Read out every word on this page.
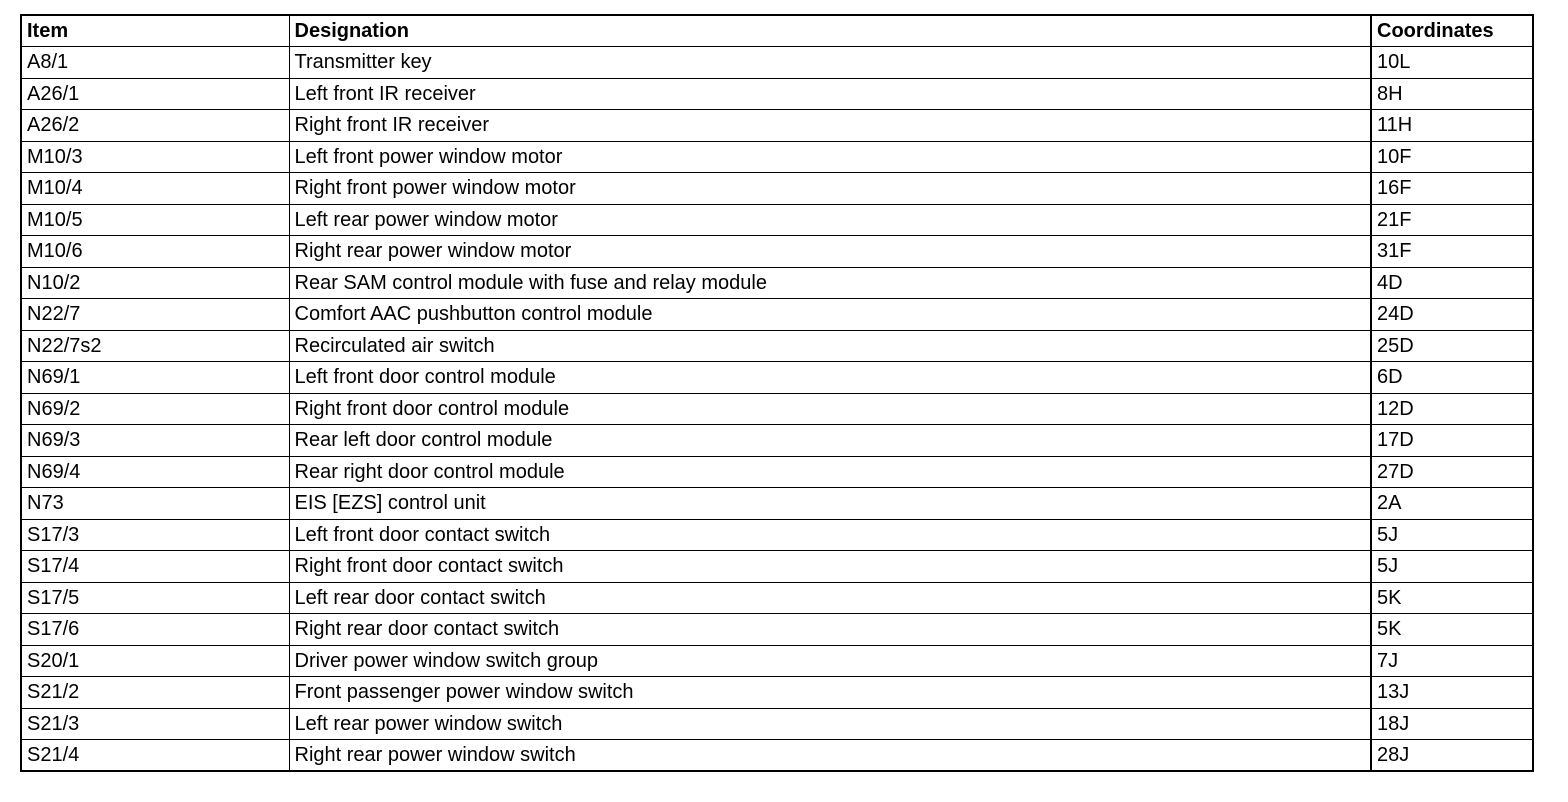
Item	Designation	Coordinates
A8/1	Transmitter key	10L
A26/1	Left front IR receiver	8H
A26/2	Right front IR receiver	11H
M10/3	Left front power window motor	10F
M10/4	Right front power window motor	16F
M10/5	Left rear power window motor	21F
M10/6	Right rear power window motor	31F
N10/2	Rear SAM control module with fuse and relay module	4D
N22/7	Comfort AAC pushbutton control module	24D
N22/7s2	Recirculated air switch	25D
N69/1	Left front door control module	6D
N69/2	Right front door control module	12D
N69/3	Rear left door control module	17D
N69/4	Rear right door control module	27D
N73	EIS [EZS] control unit	2A
S17/3	Left front door contact switch	5J
S17/4	Right front door contact switch	5J
S17/5	Left rear door contact switch	5K
S17/6	Right rear door contact switch	5K
S20/1	Driver power window switch group	7J
S21/2	Front passenger power window switch	13J
S21/3	Left rear power window switch	18J
S21/4	Right rear power window switch	28J
